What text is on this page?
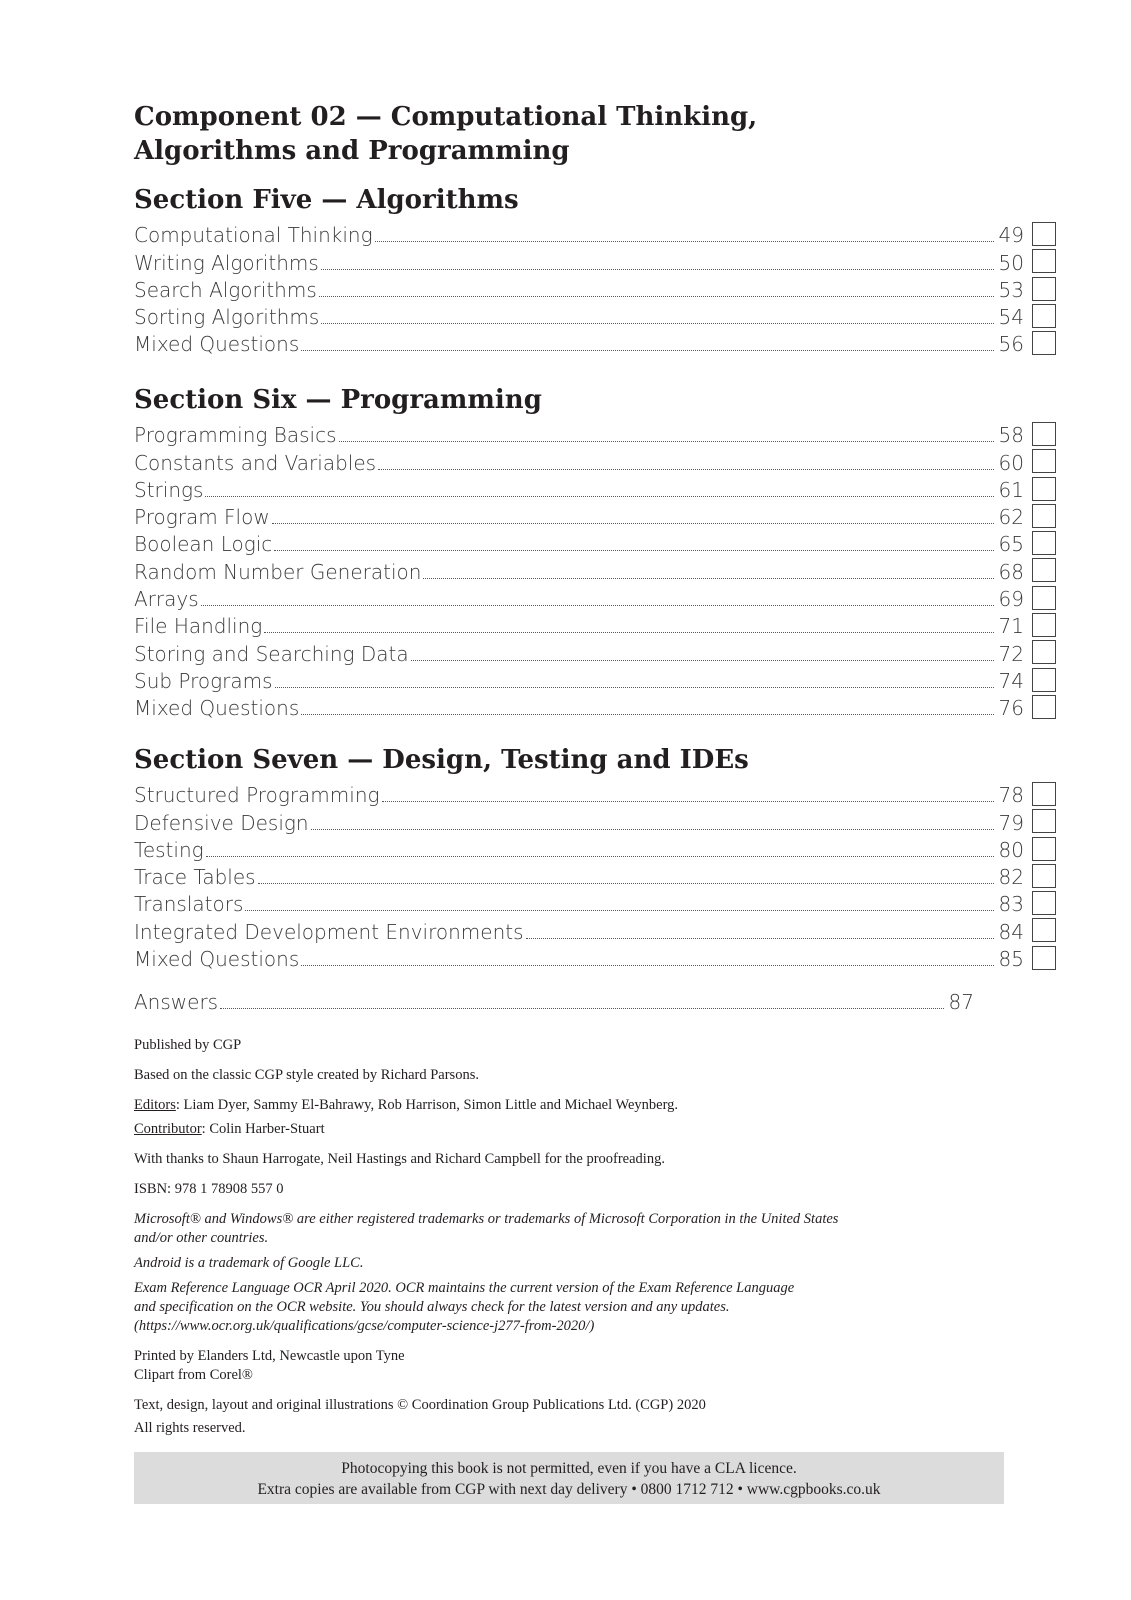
Component 02 — Computational Thinking,
Algorithms and Programming
Section Five — Algorithms
Computational Thinking	49
Writing Algorithms	50
Search Algorithms	53
Sorting Algorithms	54
Mixed Questions	56
Section Six — Programming
Programming Basics	58
Constants and Variables	60
Strings	61
Program Flow	62
Boolean Logic	65
Random Number Generation	68
Arrays	69
File Handling	71
Storing and Searching Data	72
Sub Programs	74
Mixed Questions	76
Section Seven — Design, Testing and IDEs
Structured Programming	78
Defensive Design	79
Testing	80
Trace Tables	82
Translators	83
Integrated Development Environments	84
Mixed Questions	85
Answers	87

Published by CGP

Based on the classic CGP style created by Richard Parsons.

Editors: Liam Dyer, Sammy El-Bahrawy, Rob Harrison, Simon Little and Michael Weynberg.

Contributor: Colin Harber-Stuart

With thanks to Shaun Harrogate, Neil Hastings and Richard Campbell for the proofreading.

ISBN: 978 1 78908 557 0

Microsoft® and Windows® are either registered trademarks or trademarks of Microsoft Corporation in the United States

and/or other countries.

Android is a trademark of Google LLC.

Exam Reference Language OCR April 2020. OCR maintains the current version of the Exam Reference Language

and specification on the OCR website. You should always check for the latest version and any updates.

(https://www.ocr.org.uk/qualifications/gcse/computer-science-j277-from-2020/)

Printed by Elanders Ltd, Newcastle upon Tyne

Clipart from Corel®

Text, design, layout and original illustrations © Coordination Group Publications Ltd. (CGP) 2020

All rights reserved.

Photocopying this book is not permitted, even if you have a CLA licence.
Extra copies are available from CGP with next day delivery • 0800 1712 712 • www.cgpbooks.co.uk
